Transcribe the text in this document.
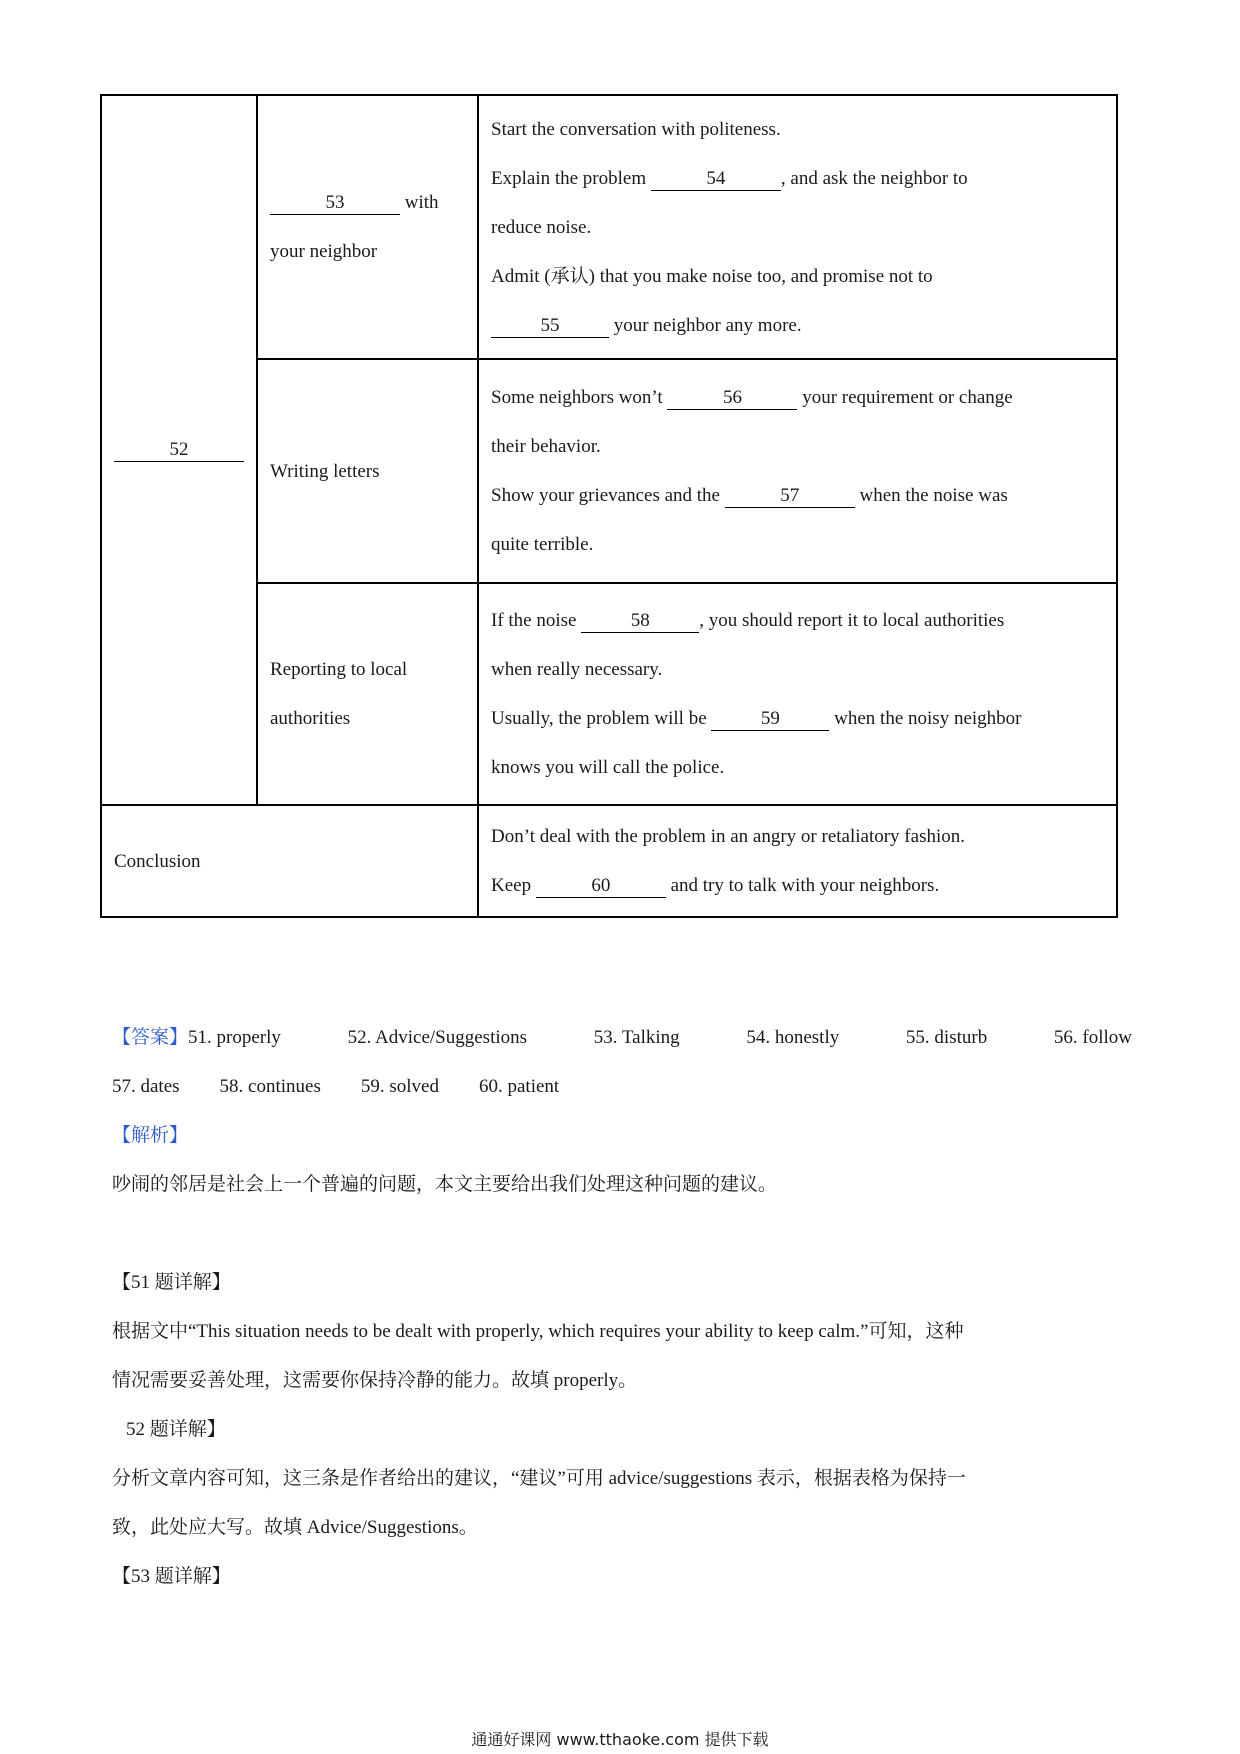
52	53 with
your neighbor	Start the conversation with politeness.
Explain the problem 54 , and ask the neighbor to
reduce noise.
Admit (承认) that you make noise too, and promise not to
55 your neighbor any more.

	Writing letters	Some neighbors won’t 56 your requirement or change
their behavior.
Show your grievances and the 57 when the noise was
quite terrible.

	Reporting to local
authorities	If the noise 58 , you should report it to local authorities
when really necessary.
Usually, the problem will be 59 when the noisy neighbor
knows you will call the police.

Conclusion		Don’t deal with the problem in an angry or retaliatory fashion.
Keep 60 and try to talk with your neighbors.
【答案】51. properly	52. Advice/Suggestions	53. Talking	54. honestly	55. disturb	56. follow
57. dates 58. continues 59. solved 60. patient
【解析】
吵闹的邻居是社会上一个普遍的问题，本文主要给出我们处理这种问题的建议。
【51 题详解】
根据文中“This situation needs to be dealt with properly, which requires your ability to keep calm.”可知，这种
情况需要妥善处理，这需要你保持冷静的能力。故填 properly。
52 题详解】
分析文章内容可知，这三条是作者给出的建议，“建议”可用 advice/suggestions 表示，根据表格为保持一
致，此处应大写。故填 Advice/Suggestions。
【53 题详解】
通通好课网 www.tthaoke.com 提供下载
